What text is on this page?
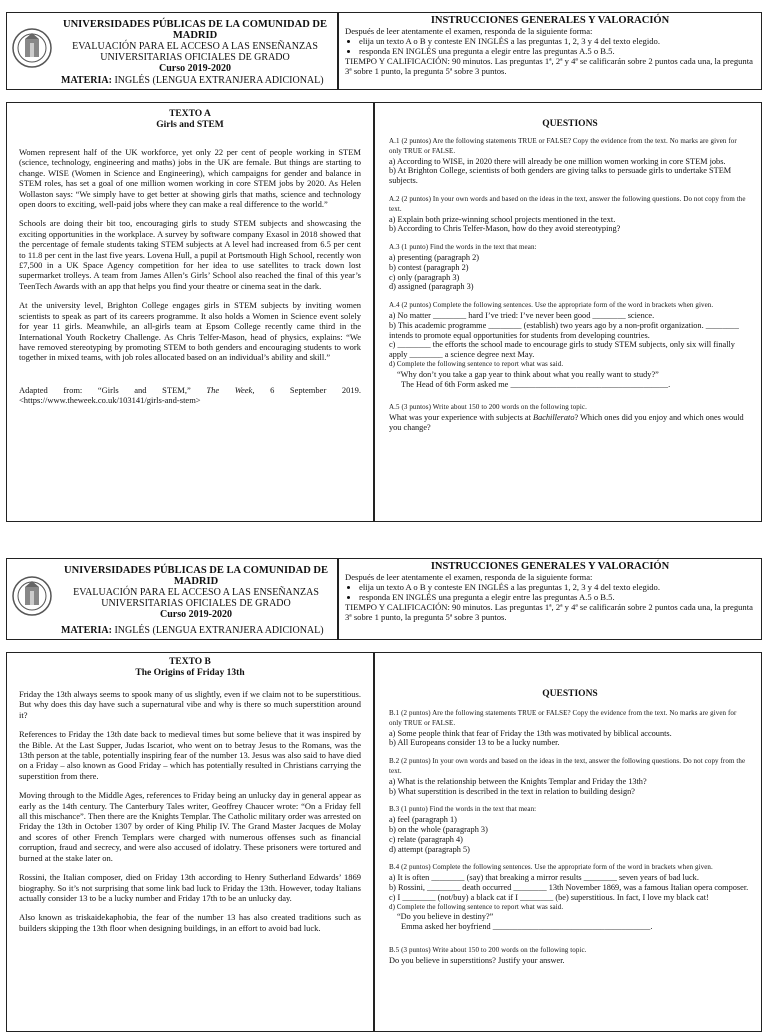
UNIVERSIDADES PÚBLICAS DE LA COMUNIDAD DE MADRID
EVALUACIÓN PARA EL ACCESO A LAS ENSEÑANZAS
UNIVERSITARIAS OFICIALES DE GRADO
Curso 2019-2020
MATERIA: INGLÉS (LENGUA EXTRANJERA ADICIONAL)
INSTRUCCIONES GENERALES Y VALORACIÓN
Después de leer atentamente el examen, responda de la siguiente forma:
• elija un texto A o B y conteste EN INGLÉS a las preguntas 1, 2, 3 y 4 del texto elegido.
• responda EN INGLÉS una pregunta a elegir entre las preguntas A.5 o B.5.
TIEMPO Y CALIFICACIÓN: 90 minutos. Las preguntas 1ª, 2ª y 4ª se calificarán sobre 2 puntos cada una, la pregunta 3ª sobre 1 punto, la pregunta 5ª sobre 3 puntos.
TEXTO A
Girls and STEM

Women represent half of the UK workforce, yet only 22 per cent of people working in STEM (science, technology, engineering and maths) jobs in the UK are female. But things are starting to change. WISE (Women in Science and Engineering), which campaigns for gender and balance in STEM roles, has set a goal of one million women working in core STEM jobs by 2020. As Helen Wollaston says: “We simply have to get better at showing girls that maths, science and technology open doors to exciting, well-paid jobs where they can make a real difference to the world.”

Schools are doing their bit too, encouraging girls to study STEM subjects and showcasing the exciting opportunities in the workplace. A survey by software company Exasol in 2018 showed that the percentage of female students taking STEM subjects at A level had increased from 6.5 per cent to 11.8 per cent in the last five years. Lovena Hull, a pupil at Portsmouth High School, recently won £7,500 in a UK Space Agency competition for her idea to use satellites to track down lost supermarket trolleys. A team from James Allen’s Girls’ School also reached the final of this year’s TeenTech Awards with an app that helps you find your theatre or cinema seat in the dark.

At the university level, Brighton College engages girls in STEM subjects by inviting women scientists to speak as part of its careers programme. It also holds a Women in Science event solely for year 11 girls. Meanwhile, an all-girls team at Epsom College recently came third in the International Youth Rocketry Challenge. As Chris Telfer-Mason, head of physics, explains: “We have removed stereotyping by promoting STEM to both genders and encouraging students to work together in mixed teams, with job roles allocated based on an individual’s ability and skill.”

Adapted from: “Girls and STEM,” The Week, 6 September 2019. <https://www.theweek.co.uk/103141/girls-and-stem>

QUESTIONS
A.1 (2 puntos) Are the following statements TRUE or FALSE? Copy the evidence from the text. No marks are given for only TRUE or FALSE.
a) According to WISE, in 2020 there will already be one million women working in core STEM jobs.
b) At Brighton College, scientists of both genders are giving talks to persuade girls to undertake STEM subjects.
A.2 (2 puntos) In your own words and based on the ideas in the text, answer the following questions. Do not copy from the text.
a) Explain both prize-winning school projects mentioned in the text.
b) According to Chris Telfer-Mason, how do they avoid stereotyping?
A.3 (1 punto) Find the words in the text that mean:
a) presenting (paragraph 2)
b) contest (paragraph 2)
c) only (paragraph 3)
d) assigned (paragraph 3)
A.4 (2 puntos) Complete the following sentences. Use the appropriate form of the word in brackets when given.
a) No matter ________ hard I’ve tried: I’ve never been good ________ science.
b) This academic programme ________ (establish) two years ago by a non-profit organization. ________ intends to promote equal opportunities for students from developing countries.
c) ________ the efforts the school made to encourage girls to study STEM subjects, only six will finally apply ________ a science degree next May.
d) Complete the following sentence to report what was said.
“Why don’t you take a gap year to think about what you really want to study?”
The Head of 6th Form asked me ______________________________________.
A.5 (3 puntos) Write about 150 to 200 words on the following topic.
What was your experience with subjects at Bachillerato? Which ones did you enjoy and which ones would you change?
UNIVERSIDADES PÚBLICAS DE LA COMUNIDAD DE MADRID
EVALUACIÓN PARA EL ACCESO A LAS ENSEÑANZAS
UNIVERSITARIAS OFICIALES DE GRADO
Curso 2019-2020
MATERIA: INGLÉS (LENGUA EXTRANJERA ADICIONAL)
INSTRUCCIONES GENERALES Y VALORACIÓN
Después de leer atentamente el examen, responda de la siguiente forma:
• elija un texto A o B y conteste EN INGLÉS a las preguntas 1, 2, 3 y 4 del texto elegido.
• responda EN INGLÉS una pregunta a elegir entre las preguntas A.5 o B.5.
TIEMPO Y CALIFICACIÓN: 90 minutos. Las preguntas 1ª, 2ª y 4ª se calificarán sobre 2 puntos cada una, la pregunta 3ª sobre 1 punto, la pregunta 5ª sobre 3 puntos.
TEXTO B
The Origins of Friday 13th

Friday the 13th always seems to spook many of us slightly, even if we claim not to be superstitious. But why does this day have such a supernatural vibe and why is there so much superstition around it?

References to Friday the 13th date back to medieval times but some believe that it was inspired by the Bible. At the Last Supper, Judas Iscariot, who went on to betray Jesus to the Romans, was the 13th person at the table, potentially inspiring fear of the number 13. Jesus was also said to have died on a Friday – also known as Good Friday – which has potentially resulted in Christians carrying the superstition from there.

Moving through to the Middle Ages, references to Friday being an unlucky day in general appear as early as the 14th century. The Canterbury Tales writer, Geoffrey Chaucer wrote: “On a Friday fell all this mischance”. Then there are the Knights Templar. The Catholic military order was arrested on Friday the 13th in October 1307 by order of King Philip IV. The Grand Master Jacques de Molay and scores of other French Templars were charged with numerous offenses such as financial corruption, fraud and secrecy, and were also accused of idolatry. These prisoners were tortured and burned at the stake later on.

Rossini, the Italian composer, died on Friday 13th according to Henry Sutherland Edwards’ 1869 biography. So it’s not surprising that some link bad luck to Friday the 13th. However, today Italians actually consider 13 to be a lucky number and Friday 17th to be an unlucky day.

Also known as triskaidekaphobia, the fear of the number 13 has also created traditions such as builders skipping the 13th floor when designing buildings, in an effort to avoid bad luck.

QUESTIONS
B.1 (2 puntos) Are the following statements TRUE or FALSE? Copy the evidence from the text. No marks are given for only TRUE or FALSE.
a) Some people think that fear of Friday the 13th was motivated by biblical accounts.
b) All Europeans consider 13 to be a lucky number.
B.2 (2 puntos) In your own words and based on the ideas in the text, answer the following questions. Do not copy from the text.
a) What is the relationship between the Knights Templar and Friday the 13th?
b) What superstition is described in the text in relation to building design?
B.3 (1 punto) Find the words in the text that mean:
a) feel (paragraph 1)
b) on the whole (paragraph 3)
c) relate (paragraph 4)
d) attempt (paragraph 5)
B.4 (2 puntos) Complete the following sentences. Use the appropriate form of the word in brackets when given.
a) It is often ________ (say) that breaking a mirror results ________ seven years of bad luck.
b) Rossini, ________ death occurred ________ 13th November 1869, was a famous Italian opera composer.
c) I ________ (not/buy) a black cat if I ________ (be) superstitious. In fact, I love my black cat!
d) Complete the following sentence to report what was said.
“Do you believe in destiny?”
Emma asked her boyfriend ______________________________________.
B.5 (3 puntos) Write about 150 to 200 words on the following topic.
Do you believe in superstitions? Justify your answer.
